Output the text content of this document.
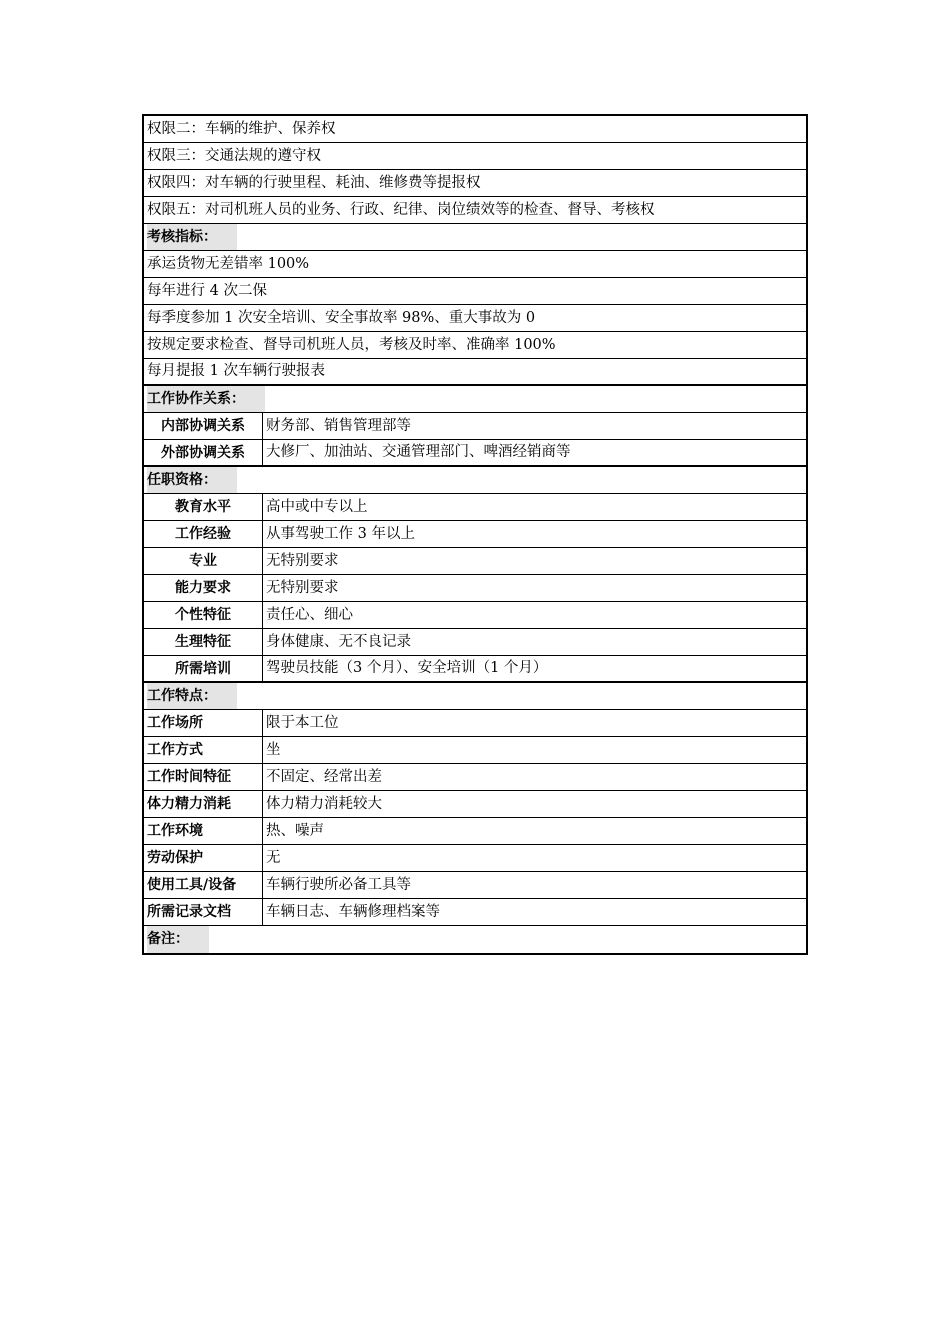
权限二：车辆的维护、保养权
权限三：交通法规的遵守权
权限四：对车辆的行驶里程、耗油、维修费等提报权
权限五：对司机班人员的业务、行政、纪律、岗位绩效等的检查、督导、考核权
考核指标：
承运货物无差错率 100%
每年进行 4 次二保
每季度参加 1 次安全培训、安全事故率 98%、重大事故为 0
按规定要求检查、督导司机班人员，考核及时率、准确率 100%
每月提报 1 次车辆行驶报表
工作协作关系：
内部协调关系	财务部、销售管理部等
外部协调关系	大修厂、加油站、交通管理部门、啤酒经销商等
任职资格：
教育水平	高中或中专以上
工作经验	从事驾驶工作 3 年以上
专业	无特别要求
能力要求	无特别要求
个性特征	责任心、细心
生理特征	身体健康、无不良记录
所需培训	驾驶员技能（3 个月）、安全培训（1 个月）
工作特点：
工作场所	限于本工位
工作方式	坐
工作时间特征	不固定、经常出差
体力精力消耗	体力精力消耗较大
工作环境	热、噪声
劳动保护	无
使用工具/设备	车辆行驶所必备工具等
所需记录文档	车辆日志、车辆修理档案等
备注：
